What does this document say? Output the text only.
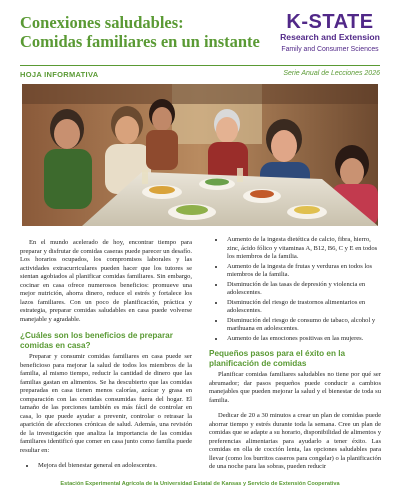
Conexiones saludables:
Comidas familiares en un instante
K-STATE
Research and Extension
Family and Consumer Sciences
HOJA INFORMATIVA	Serie Anual de Lecciones 2026

En el mundo acelerado de hoy, encontrar tiempo para preparar y disfrutar de comidas caseras puede parecer un desafío. Los horarios ocupados, los compromisos laborales y las actividades extracurriculares pueden hacer que los tutores se sientan agobiados al planificar comidas familiares. Sin embargo, cocinar en casa ofrece numerosos beneficios: promueve una mejor nutrición, ahorra dinero, reduce el estrés y fortalece los lazos familiares. Con un poco de planificación, práctica y estrategia, preparar comidas saludables en casa puede volverse manejable y agradable.

¿Cuáles son los beneficios de preparar comidas en casa?

Preparar y consumir comidas familiares en casa puede ser beneficioso para mejorar la salud de todos los miembros de la familia, al mismo tiempo, reducir la cantidad de dinero que las familias gastan en alimentos. Se ha descubierto que las comidas preparadas en casa tienen menos calorías, azúcar y grasa en comparación con las comidas consumidas fuera del hogar. El tamaño de las porciones también es más fácil de controlar en casa, lo que puede ayudar a prevenir, controlar o retrasar la aparición de afecciones crónicas de salud. Además, una revisión de la investigación que analiza la importancia de las comidas familiares identificó que comer en casa junto como familia puede resultar en:

• Mejora del bienestar general en adolescentes.
• Aumento de la ingesta dietética de calcio, fibra, hierro, zinc, ácido fólico y vitaminas A, B12, B6, C y E en todos los miembros de la familia.
• Aumento de la ingesta de frutas y verduras en todos los miembros de la familia.
• Disminución de las tasas de depresión y violencia en adolescentes.
• Disminución del riesgo de trastornos alimentarios en adolescentes.
• Disminución del riesgo de consumo de tabaco, alcohol y marihuana en adolescentes.
• Aumento de las emociones positivas en las mujeres.
Pequeños pasos para el éxito en la planificación de comidas

Planificar comidas familiares saludables no tiene por qué ser abrumador; dar pasos pequeños puede conducir a cambios manejables que pueden mejorar la salud y el bienestar de toda su familia.

Dedicar de 20 a 30 minutos a crear un plan de comidas puede ahorrar tiempo y estrés durante toda la semana. Cree un plan de comidas que se adapte a su horario, disponibilidad de alimentos y preferencias alimentarias para ayudarlo a tener éxito. Las comidas en olla de cocción lenta, las opciones saludables para llevar (como los burritos caseros para congelar) o la planificación de una noche para las sobras, pueden reducir

Estación Experimental Agrícola de la Universidad Estatal de Kansas y Servicio de Extensión Cooperativa
